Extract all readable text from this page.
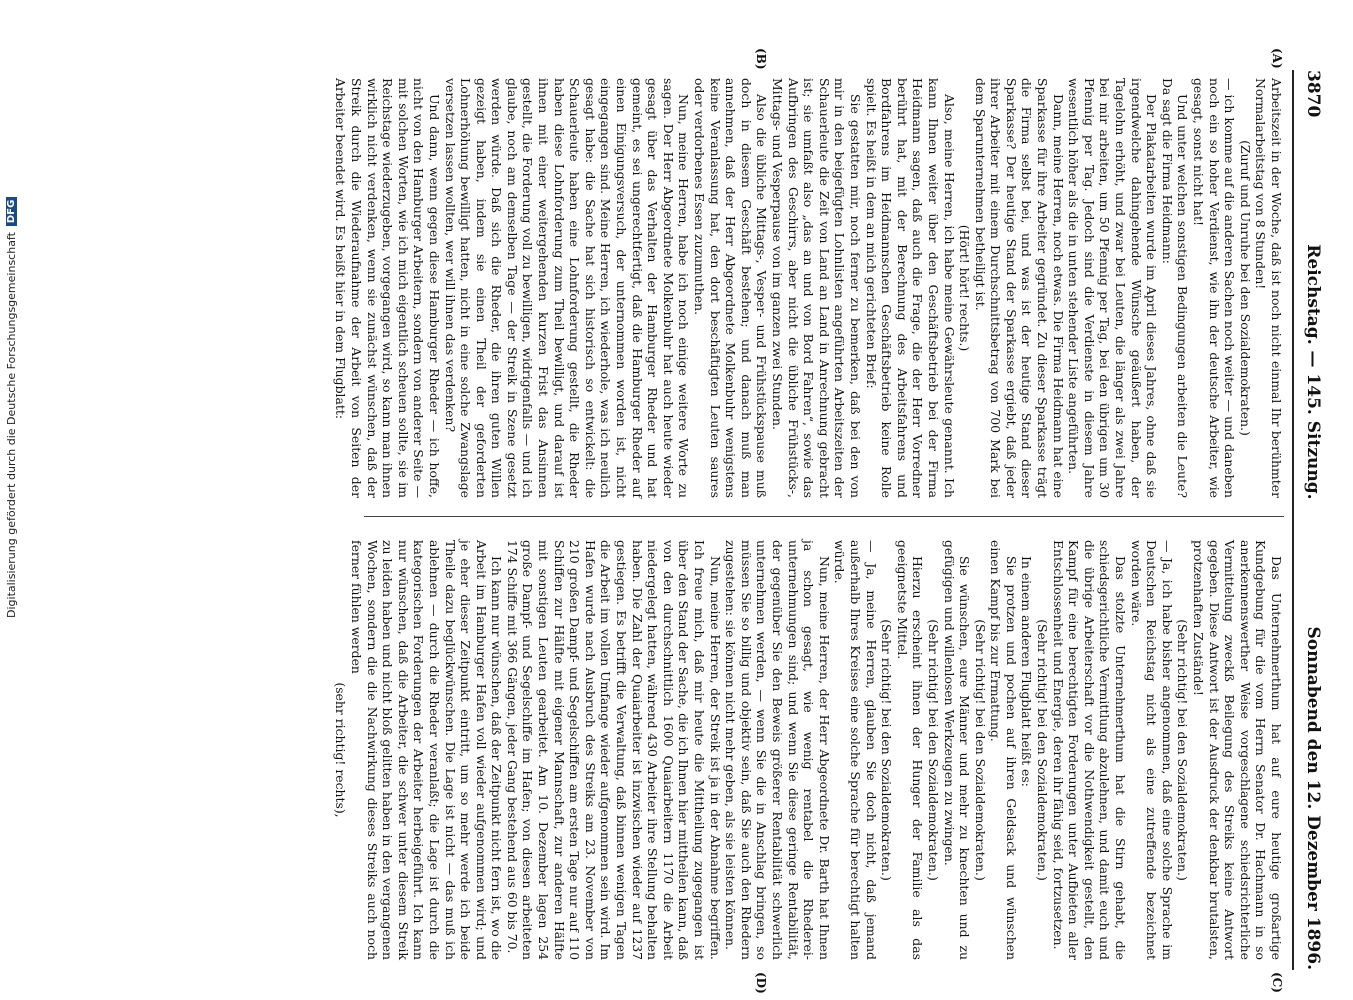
3870
Reichstag. — 145. Sitzung.
Sonnabend den 12. Dezember 1896.
(A)
(B)
(C)
(D)

Arbeitszeit in der Woche, daß ist noch nicht einmal Ihr berühmter Normalarbeitstag von 8 Stunden!

(Zuruf und Unruhe bei den Sozialdemokraten.)

— ich komme auf die anderen Sachen noch weiter — und daneben noch ein so hoher Verdienst, wie ihn der deutsche Arbeiter, wie gesagt, sonst nicht hat!

Und unter welchen sonstigen Bedingungen arbeiten die Leute? Da sagt die Firma Heidmann:

Der Plakatarbeiten wurde im April dieses Jahres, ohne daß sie irgendwelche dahingehende Wünsche geäußert haben, der Tagelohn erhöht, und zwar bei Leuten, die länger als zwei Jahre bei mir arbeiten, um 50 Pfennig per Tag, bei den übrigen um 30 Pfennig per Tag. Jedoch sind die Verdienste in diesem Jahre wesentlich höher als die in unten stehender Liste angeführten.

Dann, meine Herren, noch etwas. Die Firma Heidmann hat eine Sparkasse für ihre Arbeiter gegründet. Zu dieser Sparkasse trägt die Firma selbst bei, und was ist der heutige Stand dieser Sparkasse? Der heutige Stand der Sparkasse ergiebt, daß jeder ihrer Arbeiter mit einem Durchschnittsbetrag von 700 Mark bei dem Sparunternehmen betheiligt ist.

(Hört! hört! rechts.)

Also, meine Herren, ich habe meine Gewährsleute genannt. Ich kann Ihnen weiter über den Geschäftsbetrieb bei der Firma Heidmann sagen, daß auch die Frage, die der Herr Vorredner berührt hat, mit der Berechnung des Arbeitsfahrens und Bordfahrens im Heidmannschen Geschäftsbetrieb keine Rolle spielt. Es heißt in dem an mich gerichteten Brief:

Sie gestatten mir, noch ferner zu bemerken, daß bei den von mir in den beigefügten Lohnlisten angeführten Arbeitszeiten der Schauerleute die Zeit von Land an Land in Anrechnung gebracht ist; sie umfaßt also „das an und von Bord Fahren“, sowie das Aufbringen des Geschirrs, aber nicht die übliche Frühstücks-, Mittags- und Vesperpause von im ganzen zwei Stunden.

Also die übliche Mittags-, Vesper- und Frühstückspause muß doch in diesem Geschäft bestehen; und danach muß man annehmen, daß der Herr Abgeordnete Molkenbuhr wenigstens keine Veranlassung hat, den dort beschäftigten Leuten saures oder verdorbenes Essen zuzumuthen.

Nun, meine Herren, habe ich noch einige weitere Worte zu sagen. Der Herr Abgeordnete Molkenbuhr hat auch heute wieder gesagt über das Verhalten der Hamburger Rheder und hat gemeint, es sei ungerechtfertigt, daß die Hamburger Rheder auf einen Einigungsversuch, der unternommen worden ist, nicht eingegangen sind. Meine Herren, ich wiederhole, was ich neulich gesagt habe: die Sache hat sich historisch so entwickelt: die Schauerleute haben eine Lohnforderung gestellt, die Rheder haben diese Lohnforderung zum Theil bewilligt, und darauf ist ihnen mit einer weitergehenden kurzen Frist das Ansinnen gestellt, die Forderung voll zu bewilligen, widrigenfalls — und ich glaube, noch am demselben Tage — der Streik in Szene gesetzt werden würde. Daß sich die Rheder, die ihren guten Willen gezeigt haben, indem sie einen Theil der geforderten Lohnerhöhung bewilligt hatten, nicht in eine solche Zwangslage versetzen lassen wollten, wer will ihnen das verdenken?

Und dann, wenn gegen diese Hamburger Rheder — ich hoffe, nicht von den Hamburger Arbeitern, sondern von anderer Seite — mit solchen Worten, wie ich mich eigentlich scheuen sollte, sie im Reichstage wiederzugeben, vorgegangen wird, so kann man ihnen wirklich nicht verdenken, wenn sie zunächst wünschen, daß der Streik durch die Wiederaufnahme der Arbeit von Seiten der Arbeiter beendet wird. Es heißt hier in dem Flugblatt:

Das Unternehmerthum hat auf eure heutige großartige Kundgebung für die vom Herrn Senator Dr. Hachmann in so anerkennenswerther Weise vorgeschlagene schiedsrichterliche Vermittelung zweckß Beilegung des Streiks keine Antwort gegeben. Diese Antwort ist der Ausdruck der denkbar brutalsten, protzenhaften Zustände!

(Sehr richtig! bei den Sozialdemokraten.)

— Ja, ich habe bisher angenommen, daß eine solche Sprache im Deutschen Reichstag nicht als eine zutreffende bezeichnet worden wäre.

Das stolzte Unternehmerthum hat die Stirn gehabt, die schiedsgerichtliche Vermittlung abzulehnen, und damit euch und die übrige Arbeiterschaft vor die Nothwendigkeit gestellt, den Kampf für eine berechtigten Forderungen unter Aufbieten aller Entschlossenheit und Energie, deren ihr fähig seid, fortzusetzen.

(Sehr richtig! bei den Sozialdemokraten.)

In einem anderen Flugblatt heißt es:

Sie protzen und pochen auf ihren Geldsack und wünschen einen Kampf bis zur Ermattung.

(Sehr richtig! bei den Sozialdemokraten.)

Sie wünschen, eure Männer und mehr zu knechten und zu gefügigen und willenlosen Werkzeugen zu zwingen.

(Sehr richtig! bei den Sozialdemokraten.)

Hierzu erscheint ihnen der Hunger der Familie als das geeignetste Mittel.

(Sehr richtig! bei den Sozialdemokraten.)

— Ja, meine Herren, glauben Sie doch nicht, daß jemand außerhalb Ihres Kreises eine solche Sprache für berechtigt halten würde.

Nun, meine Herren, der Herr Abgeordnete Dr. Barth hat Ihnen ja schon gesagt, wie wenig rentabel die Rhederei-unternehmungen sind; und wenn Sie diese geringe Rentabilität, der gegenüber Sie den Beweis größerer Rentabilität schwerlich unternehmen werden, — wenn Sie die in Anschlag bringen, so müssen Sie so billig und objektiv sein, daß Sie auch den Rhedern zugestehen: sie können nicht mehr geben, als sie leisten können.

Nun, meine Herren, der Streik ist ja in der Abnahme begriffen. Ich freue mich, daß mir heute die Mittheilung zugegangen ist über den Stand der Sache, die ich Ihnen hier mittheilen kann, daß von den durchschnittlich 1600 Quaiarbeitern 1170 die Arbeit niedergelegt hatten, während 430 Arbeiter ihre Stellung behalten haben. Die Zahl der Quaiarbeiter ist inzwischen wieder auf 1237 gestiegen. Es betrifft die Verwaltung, daß binnen wenigen Tagen die Arbeit im vollen Umfange wieder aufgenommen sein wird. Im Hafen wurde nach Ausbruch des Streiks am 23. November von 210 großen Dampf- und Segelschiffen am ersten Tage nur auf 110 Schiffen zur Hälfte mit eigener Mannschaft, zur anderen Hälfte mit sonstigen Leuten gearbeitet. Am 10. Dezember lagen 254 große Dampf- und Segelschiffe im Hafen; von diesen arbeiteten 174 Schiffe mit 366 Gängen, jeder Gang bestehend aus 60 bis 70.

Ich kann nur wünschen, daß der Zeitpunkt nicht fern ist, wo die Arbeit im Hamburger Hafen voll wieder aufgenommen wird; und je eher dieser Zeitpunkt eintritt, um so mehr werde ich beide Theile dazu beglückwünschen. Die Lage ist nicht — das muß ich ablehnen — durch die Rheder veranlaßt; die Lage ist durch die kategorischen Forderungen der Arbeiter herbeigeführt. Ich kann nur wünschen, daß die Arbeiter, die schwer unter diesem Streik zu leiden haben und nicht bloß gelitten haben in den vergangenen Wochen, sondern die die Nachwirkung dieses Streiks auch noch ferner fühlen werden

(sehr richtig! rechts),

Digitalisierung gefördert durch die Deutsche Forschungsgemeinschaft
DFG
